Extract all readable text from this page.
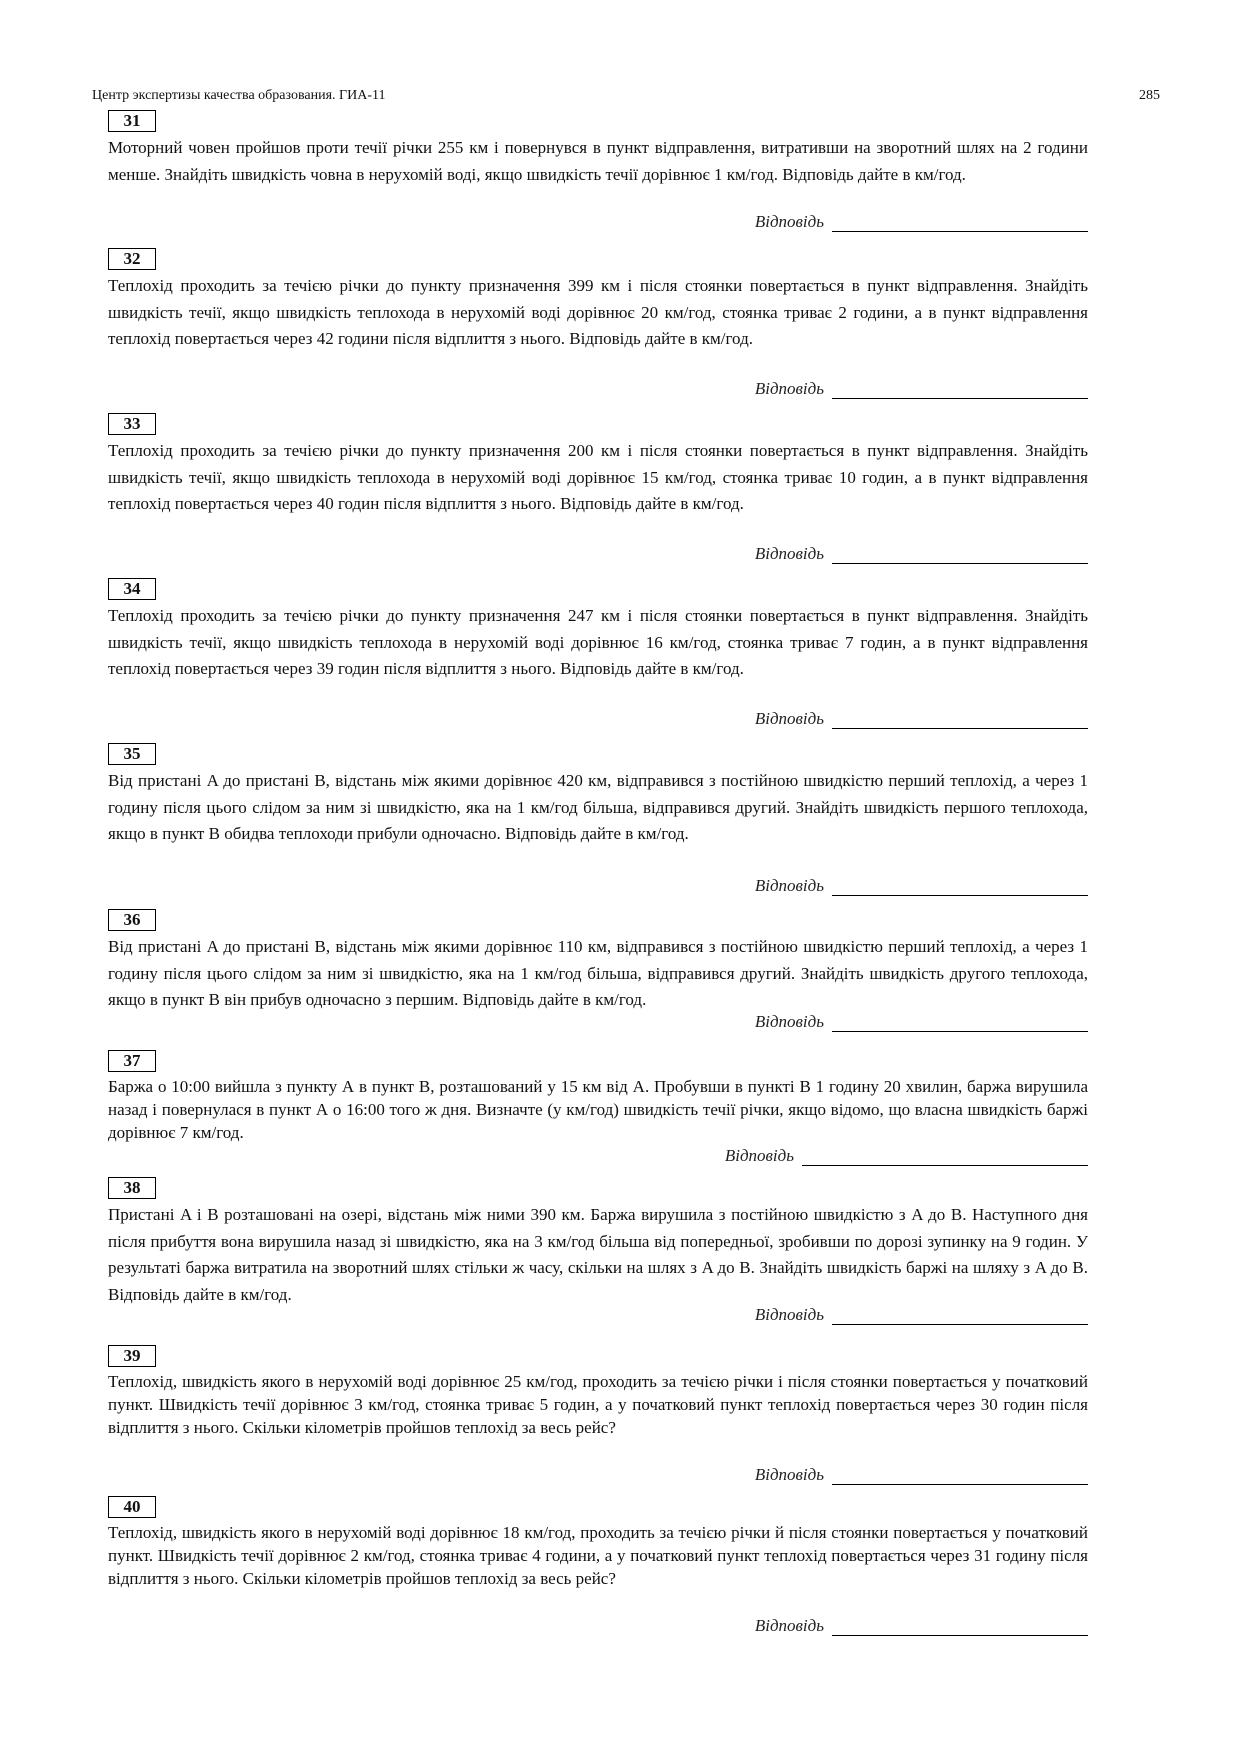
Центр экспертизы качества образования. ГИА-11	285
31
Моторний човен пройшов проти течії річки 255 км і повернувся в пункт відправлення, витративши на зворотний шлях на 2 години менше. Знайдіть швидкість човна в нерухомій воді, якщо швидкість течії дорівнює 1 км/год. Відповідь дайте в км/год.
Відповідь
32
Теплохід проходить за течією річки до пункту призначення 399 км і після стоянки повертається в пункт відправлення. Знайдіть швидкість течії, якщо швидкість теплохода в нерухомій воді дорівнює 20 км/год, стоянка триває 2 години, а в пункт відправлення теплохід повертається через 42 години після відплиття з нього. Відповідь дайте в км/год.
Відповідь
33
Теплохід проходить за течією річки до пункту призначення 200 км і після стоянки повертається в пункт відправлення. Знайдіть швидкість течії, якщо швидкість теплохода в нерухомій воді дорівнює 15 км/год, стоянка триває 10 годин, а в пункт відправлення теплохід повертається через 40 годин після відплиття з нього. Відповідь дайте в км/год.
Відповідь
34
Теплохід проходить за течією річки до пункту призначення 247 км і після стоянки повертається в пункт відправлення. Знайдіть швидкість течії, якщо швидкість теплохода в нерухомій воді дорівнює 16 км/год, стоянка триває 7 годин, а в пункт відправлення теплохід повертається через 39 годин після відплиття з нього. Відповідь дайте в км/год.
Відповідь
35
Від пристані A до пристані B, відстань між якими дорівнює 420 км, відправився з постійною швидкістю перший теплохід, а через 1 годину після цього слідом за ним зі швидкістю, яка на 1 км/год більша, відправився другий. Знайдіть швидкість першого теплохода, якщо в пункт B обидва теплоходи прибули одночасно. Відповідь дайте в км/год.
Відповідь
36
Від пристані A до пристані B, відстань між якими дорівнює 110 км, відправився з постійною швидкістю перший теплохід, а через 1 годину після цього слідом за ним зі швидкістю, яка на 1 км/год більша, відправився другий. Знайдіть швидкість другого теплохода, якщо в пункт B він прибув одночасно з першим. Відповідь дайте в км/год.
Відповідь
37
Баржа о 10:00 вийшла з пункту А в пункт В, розташований у 15 км від А. Пробувши в пункті В 1 годину 20 хвилин, баржа вирушила назад і повернулася в пункт А о 16:00 того ж дня. Визначте (у км/год) швидкість течії річки, якщо відомо, що власна швидкість баржі дорівнює 7 км/год.
Відповідь
38
Пристані A і B розташовані на озері, відстань між ними 390 км. Баржа вирушила з постійною швидкістю з A до B. Наступного дня після прибуття вона вирушила назад зі швидкістю, яка на 3 км/год більша від попередньої, зробивши по дорозі зупинку на 9 годин. У результаті баржа витратила на зворотний шлях стільки ж часу, скільки на шлях з A до B. Знайдіть швидкість баржі на шляху з A до B. Відповідь дайте в км/год.
Відповідь
39
Теплохід, швидкість якого в нерухомій воді дорівнює 25 км/год, проходить за течією річки і після стоянки повертається у початковий пункт. Швидкість течії дорівнює 3 км/год, стоянка триває 5 годин, а у початковий пункт теплохід повертається через 30 годин після відплиття з нього. Скільки кілометрів пройшов теплохід за весь рейс?
Відповідь
40
Теплохід, швидкість якого в нерухомій воді дорівнює 18 км/год, проходить за течією річки й після стоянки повертається у початковий пункт. Швидкість течії дорівнює 2 км/год, стоянка триває 4 години, а у початковий пункт теплохід повертається через 31 годину після відплиття з нього. Скільки кілометрів пройшов теплохід за весь рейс?
Відповідь
